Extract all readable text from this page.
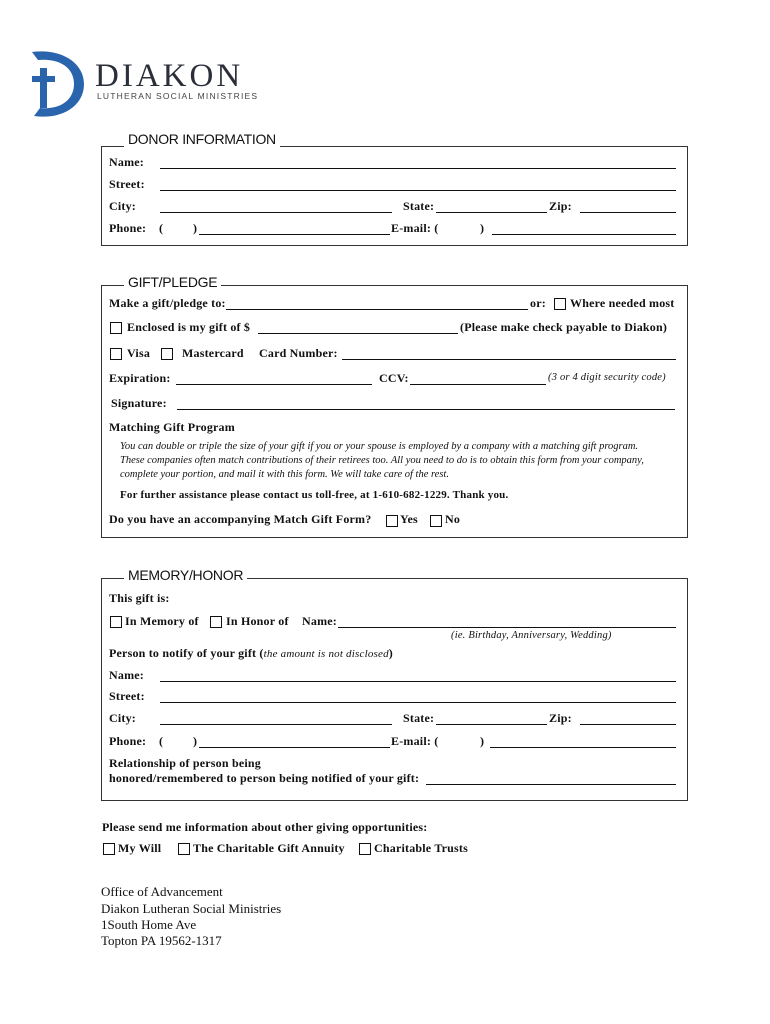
DIAKON
LUTHERAN SOCIAL MINISTRIES
DONOR INFORMATION
Name:
Street:
City:	State:	Zip:
Phone: ( )	E-mail: (	)
GIFT/PLEDGE
Make a gift/pledge to:	or: Where needed most
Enclosed is my gift of $	(Please make check payable to Diakon)
Visa	Mastercard Card Number:
Expiration:	CCV:	(3 or 4 digit security code)
Signature:
Matching Gift Program
You can double or triple the size of your gift if you or your spouse is employed by a company with a matching gift program.
These companies often match contributions of their retirees too. All you need to do is to obtain this form from your company,
complete your portion, and mail it with this form. We will take care of the rest.
For further assistance please contact us toll-free, at 1-610-682-1229. Thank you.
Do you have an accompanying Match Gift Form? Yes No
MEMORY/HONOR
This gift is:
In Memory of In Honor of Name:
(ie. Birthday, Anniversary, Wedding)
Person to notify of your gift (the amount is not disclosed)
Name:
Street:
City:	State:	Zip:
Phone: ( )	E-mail: (	)
Relationship of person being
honored/remembered to person being notified of your gift:
Please send me information about other giving opportunities:
My Will	The Charitable Gift Annuity Charitable Trusts
Office of Advancement
Diakon Lutheran Social Ministries
1South Home Ave
Topton PA 19562-1317
